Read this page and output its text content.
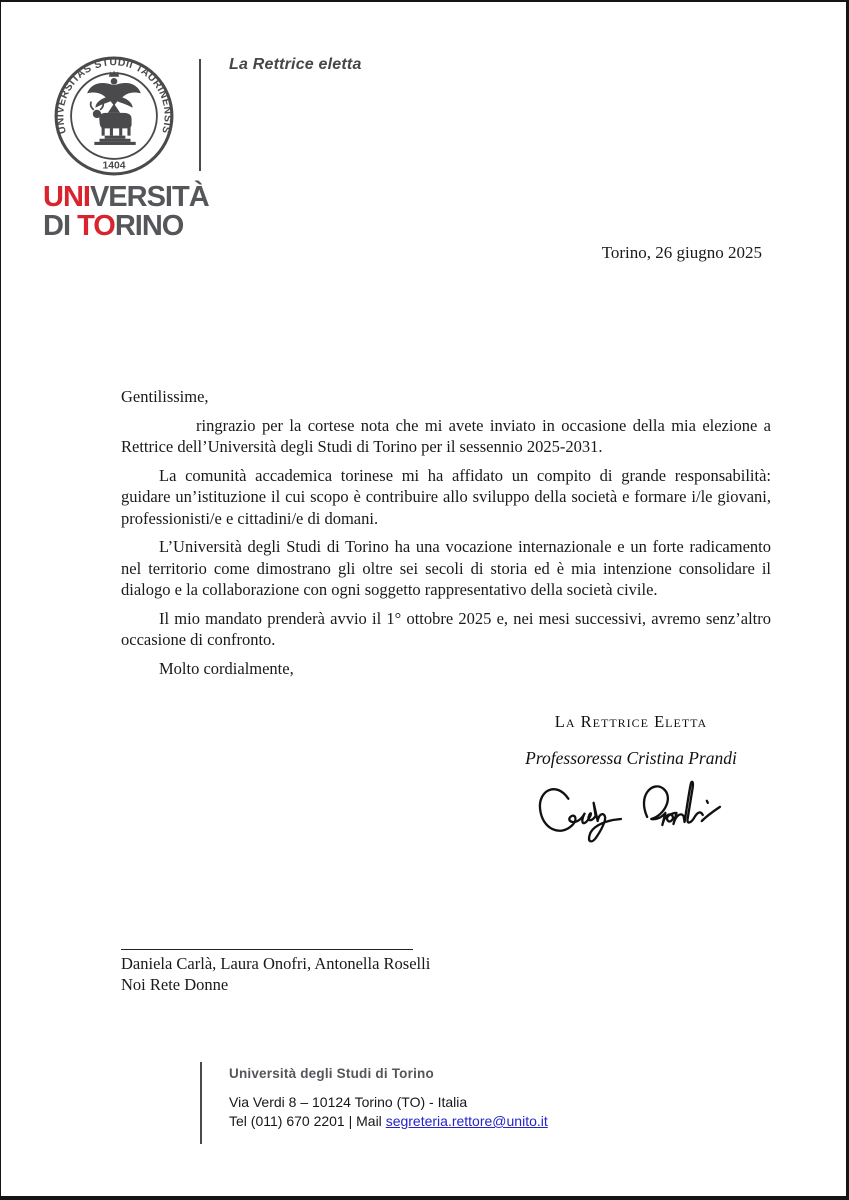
UNIVERSITAS STUDII TAURINENSIS
1404
UNIVERSITÀ
DI TORINO
La Rettrice eletta
Torino, 26 giugno 2025

Gentilissime,

ringrazio per la cortese nota che mi avete inviato in occasione della mia elezione a Rettrice dell’Università degli Studi di Torino per il sessennio 2025-2031.

La comunità accademica torinese mi ha affidato un compito di grande responsabilità: guidare un’istituzione il cui scopo è contribuire allo sviluppo della società e formare i/le giovani, professionisti/e e cittadini/e di domani.

L’Università degli Studi di Torino ha una vocazione internazionale e un forte radicamento nel territorio come dimostrano gli oltre sei secoli di storia ed è mia intenzione consolidare il dialogo e la collaborazione con ogni soggetto rappresentativo della società civile.

Il mio mandato prenderà avvio il 1° ottobre 2025 e, nei mesi successivi, avremo senz’altro occasione di confronto.

Molto cordialmente,

La Rettrice Eletta
Professoressa Cristina Prandi
Daniela Carlà, Laura Onofri, Antonella Roselli
Noi Rete Donne
Università degli Studi di Torino
Via Verdi 8 – 10124 Torino (TO) - Italia
Tel (011) 670 2201 | Mail segreteria.rettore@unito.it
